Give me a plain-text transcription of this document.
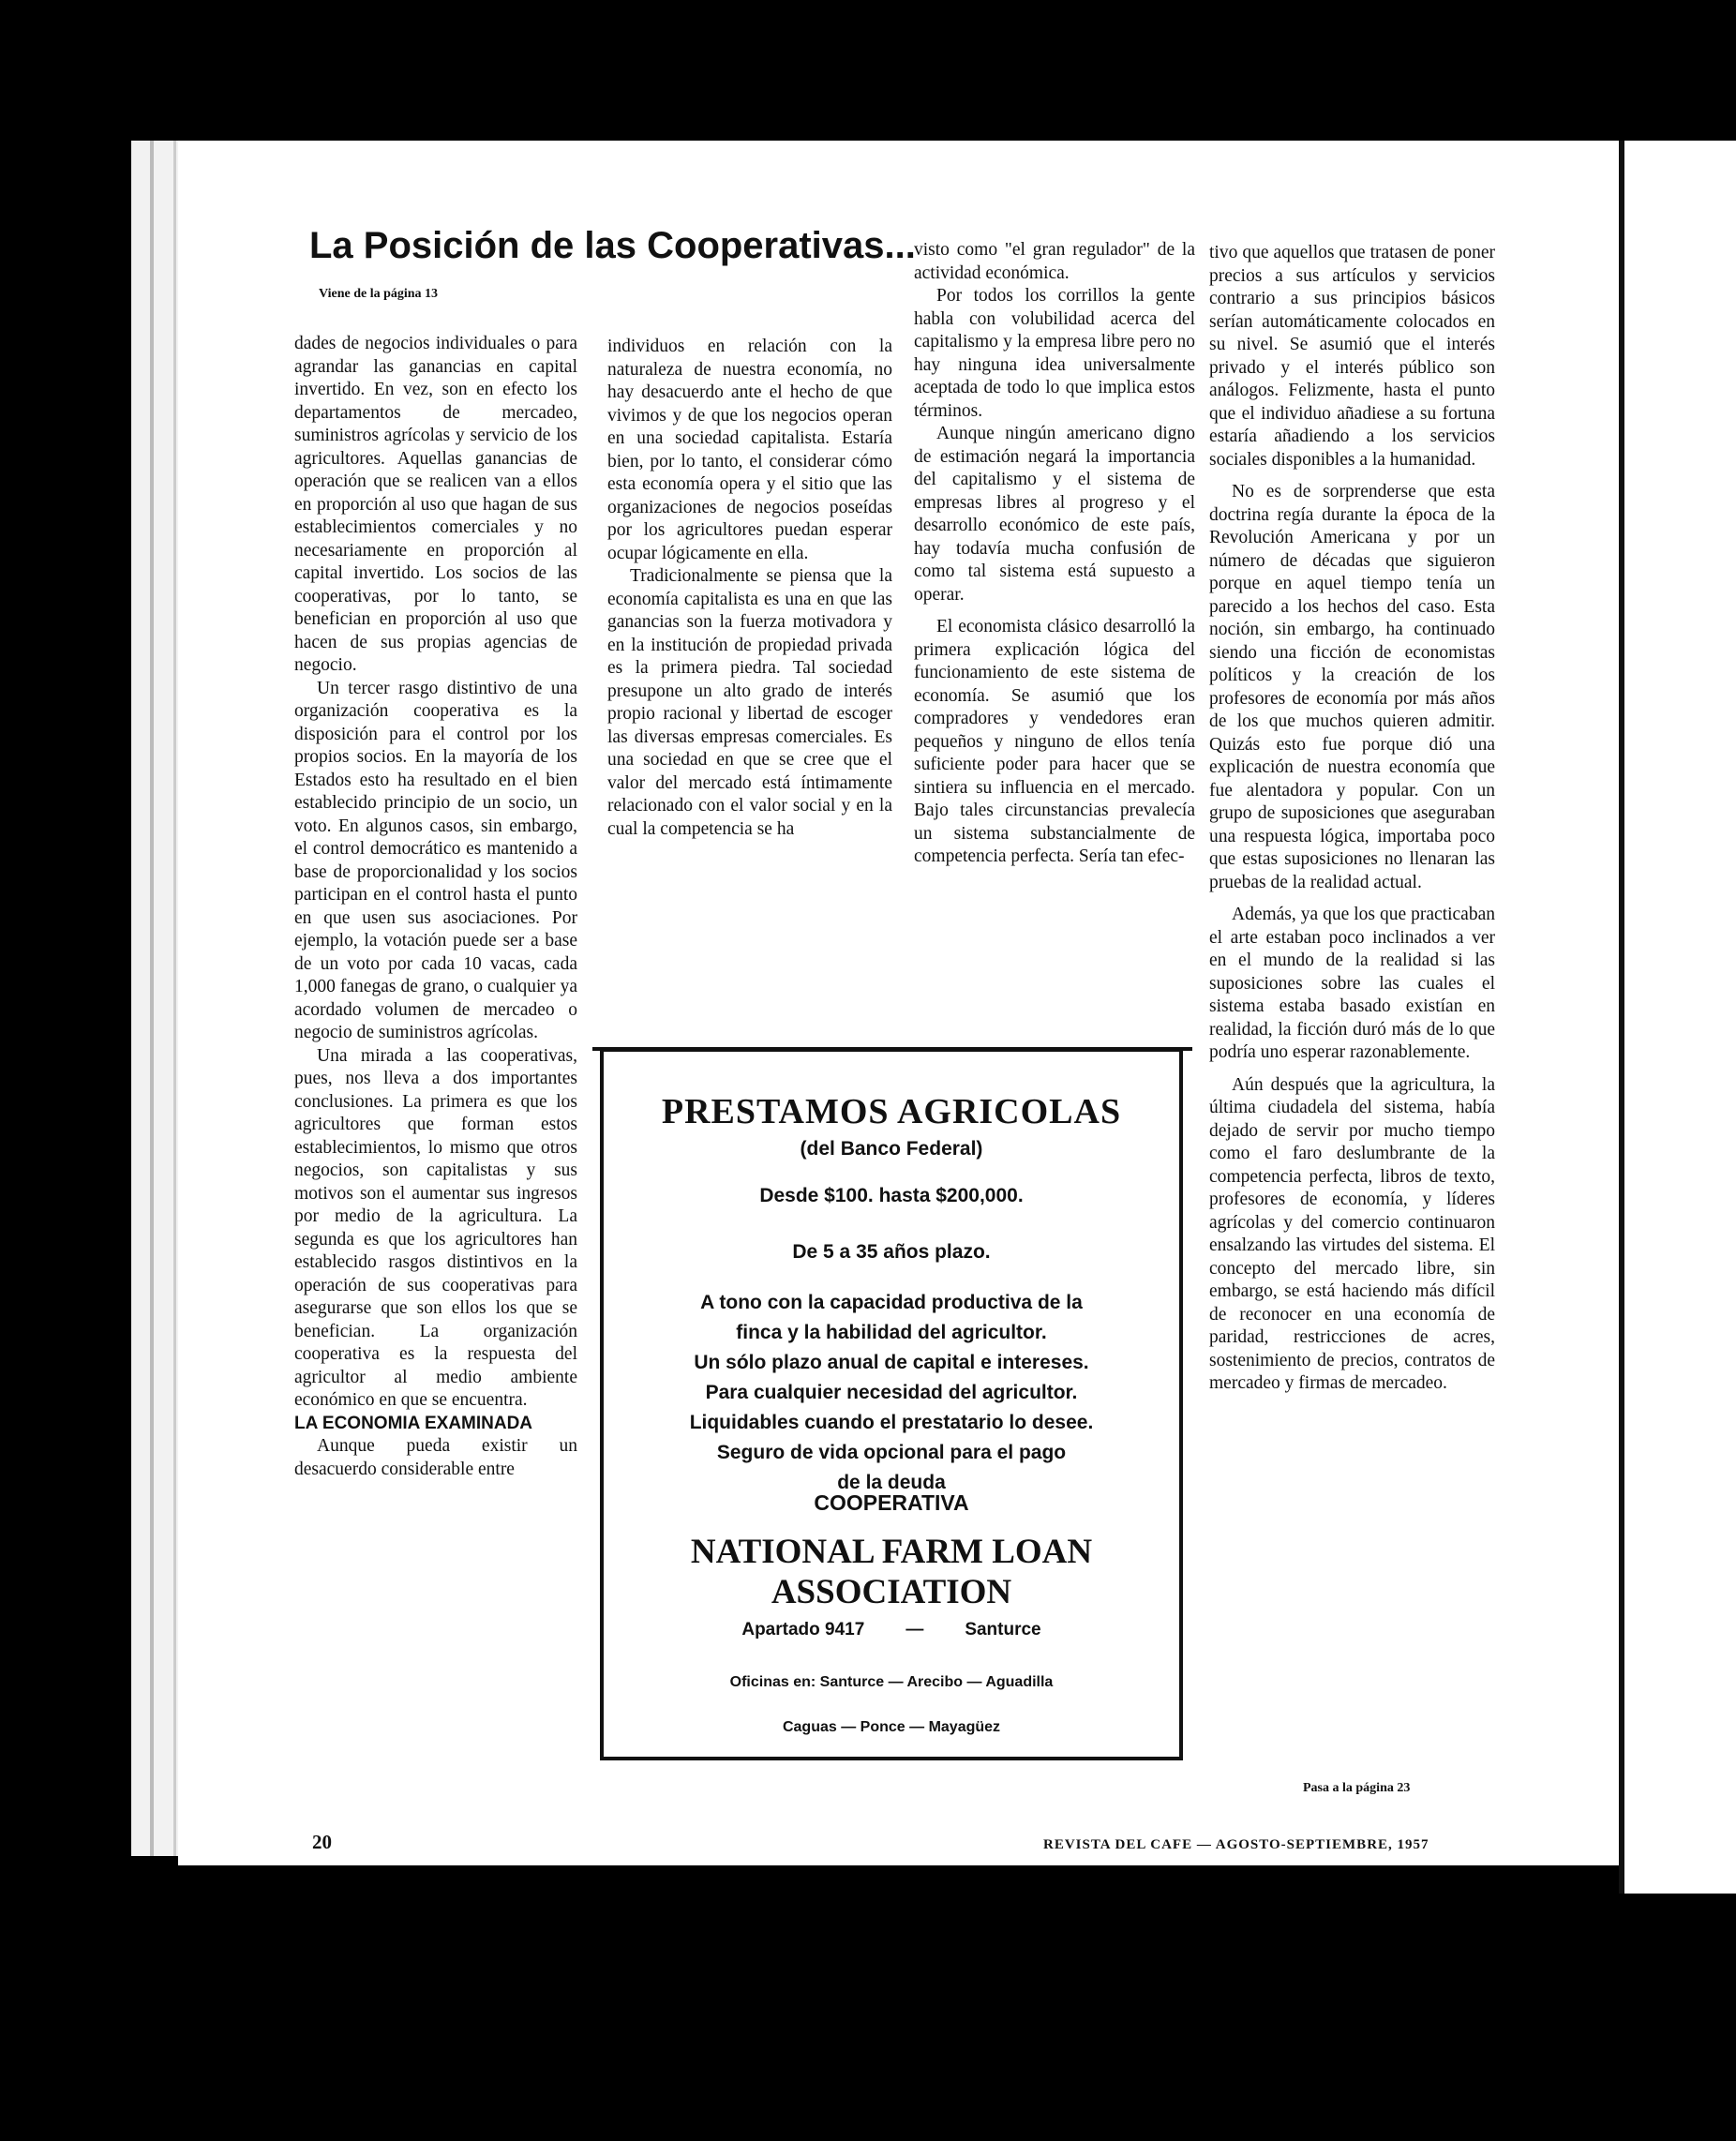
La Posición de las Cooperativas...
Viene de la página 13

dades de negocios individuales o para agrandar las ganancias en capital invertido. En vez, son en efecto los departamentos de mercadeo, suministros agrícolas y servicio de los agricultores. Aquellas ganancias de operación que se realicen van a ellos en proporción al uso que hagan de sus establecimientos comerciales y no necesariamente en proporción al capital invertido. Los socios de las cooperativas, por lo tanto, se benefician en proporción al uso que hacen de sus propias agencias de negocio.

Un tercer rasgo distintivo de una organización cooperativa es la disposición para el control por los propios socios. En la mayoría de los Estados esto ha resultado en el bien establecido principio de un socio, un voto. En algunos casos, sin embargo, el control democrático es mantenido a base de proporcionalidad y los socios participan en el control hasta el punto en que usen sus asociaciones. Por ejemplo, la votación puede ser a base de un voto por cada 10 vacas, cada 1,000 fanegas de grano, o cualquier ya acordado volumen de mercadeo o negocio de suministros agrícolas.

Una mirada a las cooperativas, pues, nos lleva a dos importantes conclusiones. La primera es que los agricultores que forman estos establecimientos, lo mismo que otros negocios, son capitalistas y sus motivos son el aumentar sus ingresos por medio de la agricultura. La segunda es que los agricultores han establecido rasgos distintivos en la operación de sus cooperativas para asegurarse que son ellos los que se benefician. La organización cooperativa es la respuesta del agricultor al medio ambiente económico en que se encuentra.

LA ECONOMIA EXAMINADA

Aunque pueda existir un desacuerdo considerable entre

individuos en relación con la naturaleza de nuestra economía, no hay desacuerdo ante el hecho de que vivimos y de que los negocios operan en una sociedad capitalista. Estaría bien, por lo tanto, el considerar cómo esta economía opera y el sitio que las organizaciones de negocios poseídas por los agricultores puedan esperar ocupar lógicamente en ella.

Tradicionalmente se piensa que la economía capitalista es una en que las ganancias son la fuerza motivadora y en la institución de propiedad privada es la primera piedra. Tal sociedad presupone un alto grado de interés propio racional y libertad de escoger las diversas empresas comerciales. Es una sociedad en que se cree que el valor del mercado está íntimamente relacionado con el valor social y en la cual la competencia se ha

visto como "el gran regulador" de la actividad económica.

Por todos los corrillos la gente habla con volubilidad acerca del capitalismo y la empresa libre pero no hay ninguna idea universalmente aceptada de todo lo que implica estos términos.

Aunque ningún americano digno de estimación negará la importancia del capitalismo y el sistema de empresas libres al progreso y el desarrollo económico de este país, hay todavía mucha confusión de como tal sistema está supuesto a operar.

El economista clásico desarrolló la primera explicación lógica del funcionamiento de este sistema de economía. Se asumió que los compradores y vendedores eran pequeños y ninguno de ellos tenía suficiente poder para hacer que se sintiera su influencia en el mercado. Bajo tales circunstancias prevalecía un sistema substancialmente de competencia perfecta. Sería tan efec-

tivo que aquellos que tratasen de poner precios a sus artículos y servicios contrario a sus principios básicos serían automáticamente colocados en su nivel. Se asumió que el interés privado y el interés público son análogos. Felizmente, hasta el punto que el individuo añadiese a su fortuna estaría añadiendo a los servicios sociales disponibles a la humanidad.

No es de sorprenderse que esta doctrina regía durante la época de la Revolución Americana y por un número de décadas que siguieron porque en aquel tiempo tenía un parecido a los hechos del caso. Esta noción, sin embargo, ha continuado siendo una ficción de economistas políticos y la creación de los profesores de economía por más años de los que muchos quieren admitir. Quizás esto fue porque dió una explicación de nuestra economía que fue alentadora y popular. Con un grupo de suposiciones que aseguraban una respuesta lógica, importaba poco que estas suposiciones no llenaran las pruebas de la realidad actual.

Además, ya que los que practicaban el arte estaban poco inclinados a ver en el mundo de la realidad si las suposiciones sobre las cuales el sistema estaba basado existían en realidad, la ficción duró más de lo que podría uno esperar razonablemente.

Aún después que la agricultura, la última ciudadela del sistema, había dejado de servir por mucho tiempo como el faro deslumbrante de la competencia perfecta, libros de texto, profesores de economía, y líderes agrícolas y del comercio continuaron ensalzando las virtudes del sistema. El concepto del mercado libre, sin embargo, se está haciendo más difícil de reconocer en una economía de paridad, restricciones de acres, sostenimiento de precios, contratos de mercadeo y firmas de mercadeo.

PRESTAMOS AGRICOLAS
(del Banco Federal)
Desde $100. hasta $200,000.
De 5 a 35 años plazo.
A tono con la capacidad productiva de la
finca y la habilidad del agricultor.
Un sólo plazo anual de capital e intereses.
Para cualquier necesidad del agricultor.
Liquidables cuando el prestatario lo desee.
Seguro de vida opcional para el pago
de la deuda
COOPERATIVA
NATIONAL FARM LOAN ASSOCIATION
Apartado 9417 — Santurce
Oficinas en: Santurce — Arecibo — Aguadilla
Caguas — Ponce — Mayagüez
Pasa a la página 23
20	REVISTA DEL CAFE — AGOSTO-SEPTIEMBRE, 1957
